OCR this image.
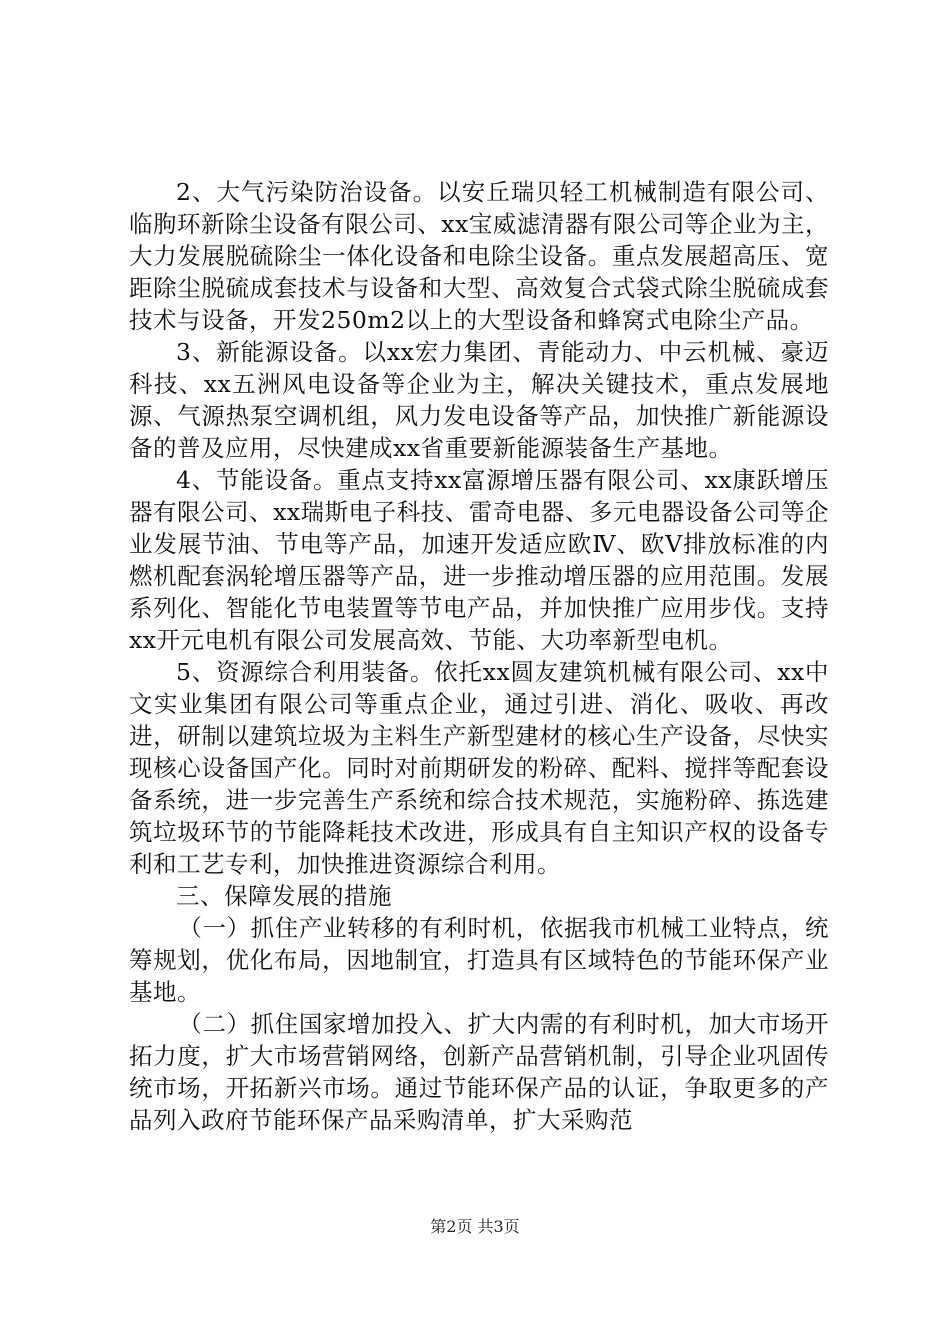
2、大气污染防治设备。以安丘瑞贝轻工机械制造有限公司、临朐环新除尘设备有限公司、xx宝威滤清器有限公司等企业为主，大力发展脱硫除尘一体化设备和电除尘设备。重点发展超高压、宽距除尘脱硫成套技术与设备和大型、高效复合式袋式除尘脱硫成套技术与设备，开发250m2以上的大型设备和蜂窝式电除尘产品。

3、新能源设备。以xx宏力集团、青能动力、中云机械、豪迈科技、xx五洲风电设备等企业为主，解决关键技术，重点发展地源、气源热泵空调机组，风力发电设备等产品，加快推广新能源设备的普及应用，尽快建成xx省重要新能源装备生产基地。

4、节能设备。重点支持xx富源增压器有限公司、xx康跃增压器有限公司、xx瑞斯电子科技、雷奇电器、多元电器设备公司等企业发展节油、节电等产品，加速开发适应欧Ⅳ、欧Ⅴ排放标准的内燃机配套涡轮增压器等产品，进一步推动增压器的应用范围。发展系列化、智能化节电装置等节电产品，并加快推广应用步伐。支持xx开元电机有限公司发展高效、节能、大功率新型电机。

5、资源综合利用装备。依托xx圆友建筑机械有限公司、xx中文实业集团有限公司等重点企业，通过引进、消化、吸收、再改进，研制以建筑垃圾为主料生产新型建材的核心生产设备，尽快实现核心设备国产化。同时对前期研发的粉碎、配料、搅拌等配套设备系统，进一步完善生产系统和综合技术规范，实施粉碎、拣选建筑垃圾环节的节能降耗技术改进，形成具有自主知识产权的设备专利和工艺专利，加快推进资源综合利用。

三、保障发展的措施

（一）抓住产业转移的有利时机，依据我市机械工业特点，统筹规划，优化布局，因地制宜，打造具有区域特色的节能环保产业基地。

（二）抓住国家增加投入、扩大内需的有利时机，加大市场开拓力度，扩大市场营销网络，创新产品营销机制，引导企业巩固传统市场，开拓新兴市场。通过节能环保产品的认证，争取更多的产品列入政府节能环保产品采购清单，扩大采购范

第2页 共3页
